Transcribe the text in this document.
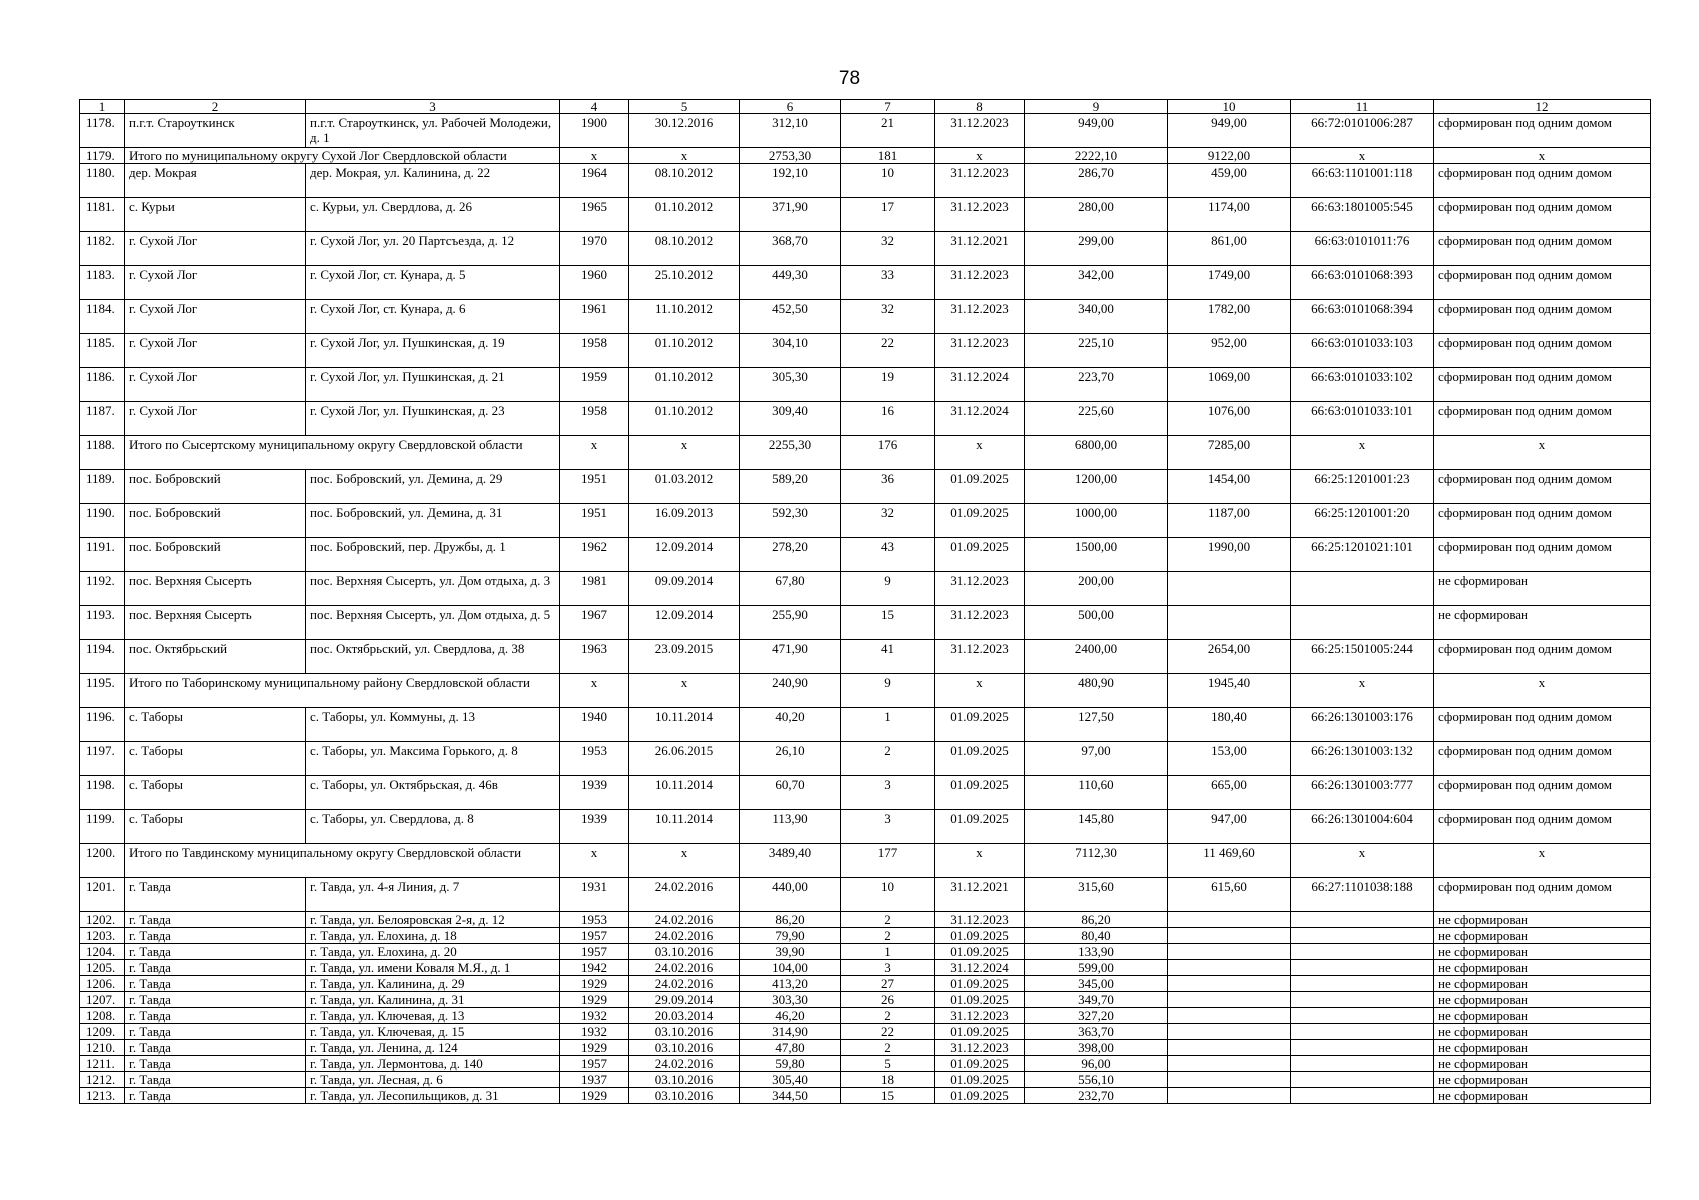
78
1	2	3	4	5	6	7	8	9	10	11	12
1178.	п.г.т. Староуткинск	п.г.т. Староуткинск, ул. Рабочей Молодежи, д. 1	1900	30.12.2016	312,10	21	31.12.2023	949,00	949,00	66:72:0101006:287	сформирован под одним домом
1179.	Итого по муниципальному округу Сухой Лог Свердловской области		x	x	2753,30	181	x	2222,10	9122,00	x	x
1180.	дер. Мокрая	дер. Мокрая, ул. Калинина, д. 22	1964	08.10.2012	192,10	10	31.12.2023	286,70	459,00	66:63:1101001:118	сформирован под одним домом
1181.	с. Курьи	с. Курьи, ул. Свердлова, д. 26	1965	01.10.2012	371,90	17	31.12.2023	280,00	1174,00	66:63:1801005:545	сформирован под одним домом
1182.	г. Сухой Лог	г. Сухой Лог, ул. 20 Партсъезда, д. 12	1970	08.10.2012	368,70	32	31.12.2021	299,00	861,00	66:63:0101011:76	сформирован под одним домом
1183.	г. Сухой Лог	г. Сухой Лог, ст. Кунара, д. 5	1960	25.10.2012	449,30	33	31.12.2023	342,00	1749,00	66:63:0101068:393	сформирован под одним домом
1184.	г. Сухой Лог	г. Сухой Лог, ст. Кунара, д. 6	1961	11.10.2012	452,50	32	31.12.2023	340,00	1782,00	66:63:0101068:394	сформирован под одним домом
1185.	г. Сухой Лог	г. Сухой Лог, ул. Пушкинская, д. 19	1958	01.10.2012	304,10	22	31.12.2023	225,10	952,00	66:63:0101033:103	сформирован под одним домом
1186.	г. Сухой Лог	г. Сухой Лог, ул. Пушкинская, д. 21	1959	01.10.2012	305,30	19	31.12.2024	223,70	1069,00	66:63:0101033:102	сформирован под одним домом
1187.	г. Сухой Лог	г. Сухой Лог, ул. Пушкинская, д. 23	1958	01.10.2012	309,40	16	31.12.2024	225,60	1076,00	66:63:0101033:101	сформирован под одним домом
1188.	Итого по Сысертскому муниципальному округу Свердловской области		x	x	2255,30	176	x	6800,00	7285,00	x	x
1189.	пос. Бобровский	пос. Бобровский, ул. Демина, д. 29	1951	01.03.2012	589,20	36	01.09.2025	1200,00	1454,00	66:25:1201001:23	сформирован под одним домом
1190.	пос. Бобровский	пос. Бобровский, ул. Демина, д. 31	1951	16.09.2013	592,30	32	01.09.2025	1000,00	1187,00	66:25:1201001:20	сформирован под одним домом
1191.	пос. Бобровский	пос. Бобровский, пер. Дружбы, д. 1	1962	12.09.2014	278,20	43	01.09.2025	1500,00	1990,00	66:25:1201021:101	сформирован под одним домом
1192.	пос. Верхняя Сысерть	пос. Верхняя Сысерть, ул. Дом отдыха, д. 3	1981	09.09.2014	67,80	9	31.12.2023	200,00			не сформирован
1193.	пос. Верхняя Сысерть	пос. Верхняя Сысерть, ул. Дом отдыха, д. 5	1967	12.09.2014	255,90	15	31.12.2023	500,00			не сформирован
1194.	пос. Октябрьский	пос. Октябрьский, ул. Свердлова, д. 38	1963	23.09.2015	471,90	41	31.12.2023	2400,00	2654,00	66:25:1501005:244	сформирован под одним домом
1195.	Итого по Таборинскому муниципальному району Свердловской области		x	x	240,90	9	x	480,90	1945,40	x	x
1196.	с. Таборы	с. Таборы, ул. Коммуны, д. 13	1940	10.11.2014	40,20	1	01.09.2025	127,50	180,40	66:26:1301003:176	сформирован под одним домом
1197.	с. Таборы	с. Таборы, ул. Максима Горького, д. 8	1953	26.06.2015	26,10	2	01.09.2025	97,00	153,00	66:26:1301003:132	сформирован под одним домом
1198.	с. Таборы	с. Таборы, ул. Октябрьская, д. 46в	1939	10.11.2014	60,70	3	01.09.2025	110,60	665,00	66:26:1301003:777	сформирован под одним домом
1199.	с. Таборы	с. Таборы, ул. Свердлова, д. 8	1939	10.11.2014	113,90	3	01.09.2025	145,80	947,00	66:26:1301004:604	сформирован под одним домом
1200.	Итого по Тавдинскому муниципальному округу Свердловской области		x	x	3489,40	177	x	7112,30	11 469,60	x	x
1201.	г. Тавда	г. Тавда, ул. 4-я Линия, д. 7	1931	24.02.2016	440,00	10	31.12.2021	315,60	615,60	66:27:1101038:188	сформирован под одним домом
1202.	г. Тавда	г. Тавда, ул. Белояровская 2-я, д. 12	1953	24.02.2016	86,20	2	31.12.2023	86,20			не сформирован
1203.	г. Тавда	г. Тавда, ул. Елохина, д. 18	1957	24.02.2016	79,90	2	01.09.2025	80,40			не сформирован
1204.	г. Тавда	г. Тавда, ул. Елохина, д. 20	1957	03.10.2016	39,90	1	01.09.2025	133,90			не сформирован
1205.	г. Тавда	г. Тавда, ул. имени Коваля М.Я., д. 1	1942	24.02.2016	104,00	3	31.12.2024	599,00			не сформирован
1206.	г. Тавда	г. Тавда, ул. Калинина, д. 29	1929	24.02.2016	413,20	27	01.09.2025	345,00			не сформирован
1207.	г. Тавда	г. Тавда, ул. Калинина, д. 31	1929	29.09.2014	303,30	26	01.09.2025	349,70			не сформирован
1208.	г. Тавда	г. Тавда, ул. Ключевая, д. 13	1932	20.03.2014	46,20	2	31.12.2023	327,20			не сформирован
1209.	г. Тавда	г. Тавда, ул. Ключевая, д. 15	1932	03.10.2016	314,90	22	01.09.2025	363,70			не сформирован
1210.	г. Тавда	г. Тавда, ул. Ленина, д. 124	1929	03.10.2016	47,80	2	31.12.2023	398,00			не сформирован
1211.	г. Тавда	г. Тавда, ул. Лермонтова, д. 140	1957	24.02.2016	59,80	5	01.09.2025	96,00			не сформирован
1212.	г. Тавда	г. Тавда, ул. Лесная, д. 6	1937	03.10.2016	305,40	18	01.09.2025	556,10			не сформирован
1213.	г. Тавда	г. Тавда, ул. Лесопильщиков, д. 31	1929	03.10.2016	344,50	15	01.09.2025	232,70			не сформирован
